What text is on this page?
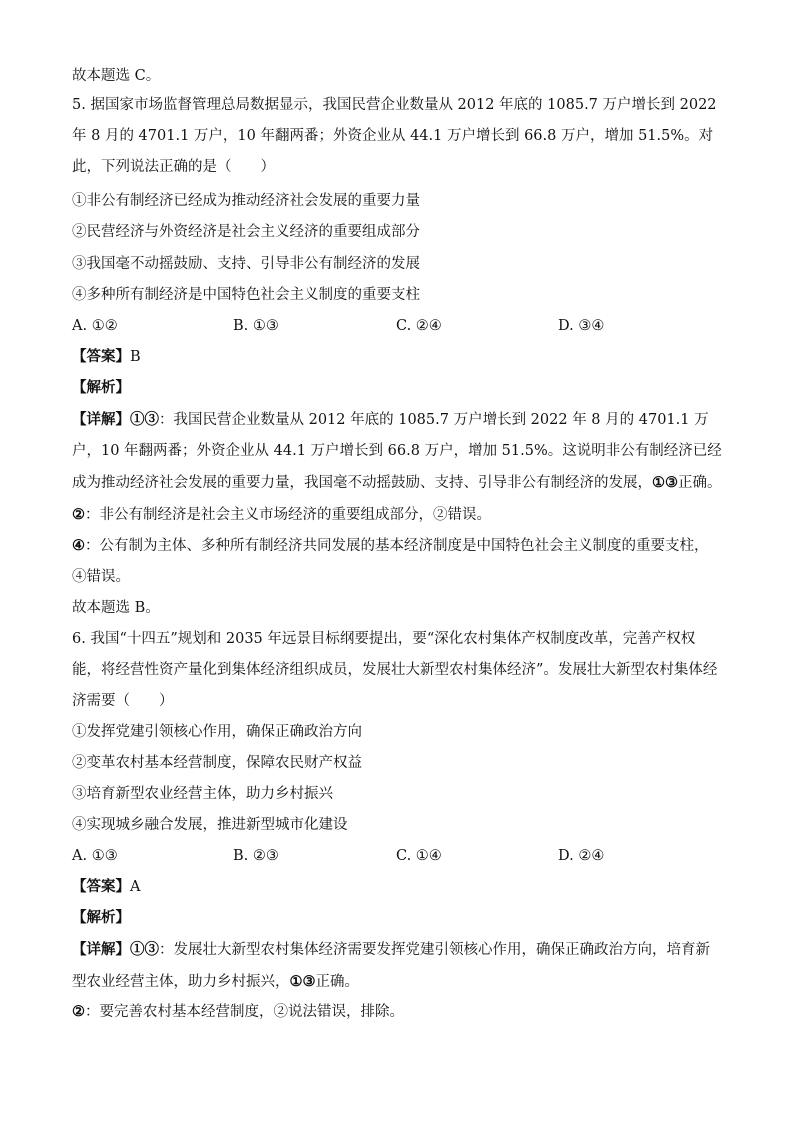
故本题选 C。
5. 据国家市场监督管理总局数据显示，我国民营企业数量从 2012 年底的 1085.7 万户增长到 2022 年 8 月的 4701.1 万户，10 年翻两番；外资企业从 44.1 万户增长到 66.8 万户，增加 51.5%。对此，下列说法正确的是（　　）
①非公有制经济已经成为推动经济社会发展的重要力量
②民营经济与外资经济是社会主义经济的重要组成部分
③我国毫不动摇鼓励、支持、引导非公有制经济的发展
④多种所有制经济是中国特色社会主义制度的重要支柱
A. ①②	B. ①③	C. ②④	D. ③④
【答案】B
【解析】
【详解】①③：我国民营企业数量从 2012 年底的 1085.7 万户增长到 2022 年 8 月的 4701.1 万户，10 年翻两番；外资企业从 44.1 万户增长到 66.8 万户，增加 51.5%。这说明非公有制经济已经成为推动经济社会发展的重要力量，我国毫不动摇鼓励、支持、引导非公有制经济的发展，①③正确。
②：非公有制经济是社会主义市场经济的重要组成部分，②错误。
④：公有制为主体、多种所有制经济共同发展的基本经济制度是中国特色社会主义制度的重要支柱，④错误。
故本题选 B。
6. 我国“十四五”规划和 2035 年远景目标纲要提出，要“深化农村集体产权制度改革，完善产权权能，将经营性资产量化到集体经济组织成员，发展壮大新型农村集体经济”。发展壮大新型农村集体经济需要（　　）
①发挥党建引领核心作用，确保正确政治方向
②变革农村基本经营制度，保障农民财产权益
③培育新型农业经营主体，助力乡村振兴
④实现城乡融合发展，推进新型城市化建设
A. ①③	B. ②③	C. ①④	D. ②④
【答案】A
【解析】
【详解】①③：发展壮大新型农村集体经济需要发挥党建引领核心作用，确保正确政治方向，培育新型农业经营主体，助力乡村振兴，①③正确。
②：要完善农村基本经营制度，②说法错误，排除。
